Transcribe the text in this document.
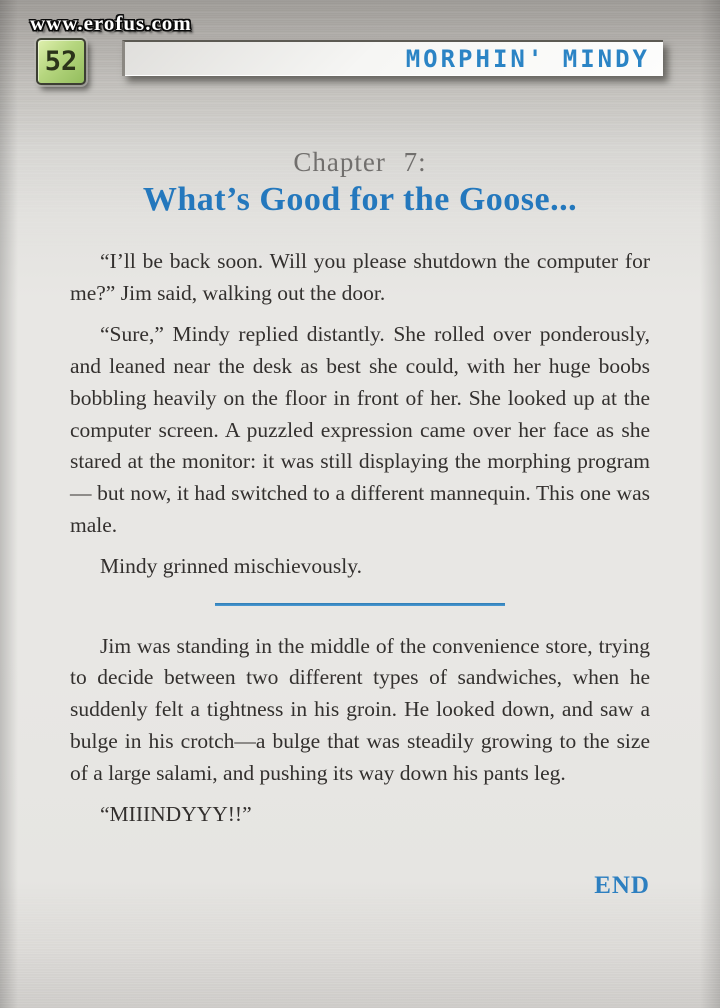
www.erofus.com
52	MORPHIN' MINDY
Chapter 7:
What’s Good for the Goose...

“I’ll be back soon. Will you please shutdown the computer for me?” Jim said, walking out the door.

“Sure,” Mindy replied distantly. She rolled over ponderously, and leaned near the desk as best she could, with her huge boobs bobbling heavily on the floor in front of her. She looked up at the computer screen. A puzzled expression came over her face as she stared at the monitor: it was still displaying the morphing program — but now, it had switched to a different mannequin. This one was male.

Mindy grinned mischievously.

Jim was standing in the middle of the convenience store, trying to decide between two different types of sandwiches, when he suddenly felt a tightness in his groin. He looked down, and saw a bulge in his crotch—a bulge that was steadily growing to the size of a large salami, and pushing its way down his pants leg.

“MIIINDYYY!!”

END
